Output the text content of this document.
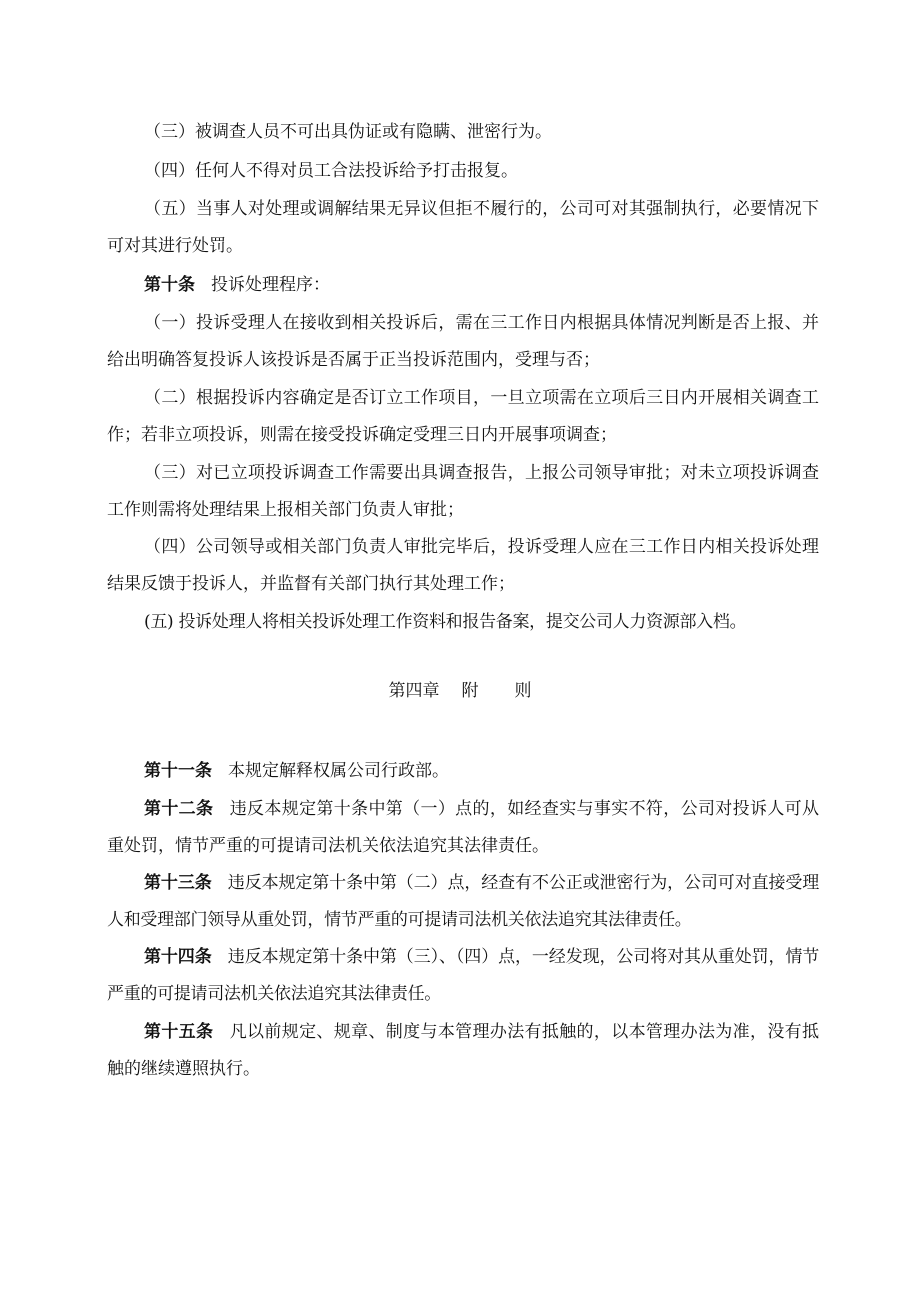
（三）被调查人员不可出具伪证或有隐瞒、泄密行为。

（四）任何人不得对员工合法投诉给予打击报复。

（五）当事人对处理或调解结果无异议但拒不履行的，公司可对其强制执行，必要情况下可对其进行处罚。

第十条 投诉处理程序：

（一）投诉受理人在接收到相关投诉后，需在三工作日内根据具体情况判断是否上报、并给出明确答复投诉人该投诉是否属于正当投诉范围内，受理与否；

（二）根据投诉内容确定是否订立工作项目，一旦立项需在立项后三日内开展相关调查工作；若非立项投诉，则需在接受投诉确定受理三日内开展事项调查；

（三）对已立项投诉调查工作需要出具调查报告，上报公司领导审批；对未立项投诉调查工作则需将处理结果上报相关部门负责人审批；

（四）公司领导或相关部门负责人审批完毕后，投诉受理人应在三工作日内相关投诉处理结果反馈于投诉人，并监督有关部门执行其处理工作；

(五) 投诉处理人将相关投诉处理工作资料和报告备案，提交公司人力资源部入档。

第四章 附 则

第十一条 本规定解释权属公司行政部。

第十二条 违反本规定第十条中第（一）点的，如经查实与事实不符，公司对投诉人可从重处罚，情节严重的可提请司法机关依法追究其法律责任。

第十三条 违反本规定第十条中第（二）点，经查有不公正或泄密行为，公司可对直接受理人和受理部门领导从重处罚，情节严重的可提请司法机关依法追究其法律责任。

第十四条 违反本规定第十条中第（三）、（四）点，一经发现，公司将对其从重处罚，情节严重的可提请司法机关依法追究其法律责任。

第十五条 凡以前规定、规章、制度与本管理办法有抵触的，以本管理办法为准，没有抵触的继续遵照执行。
